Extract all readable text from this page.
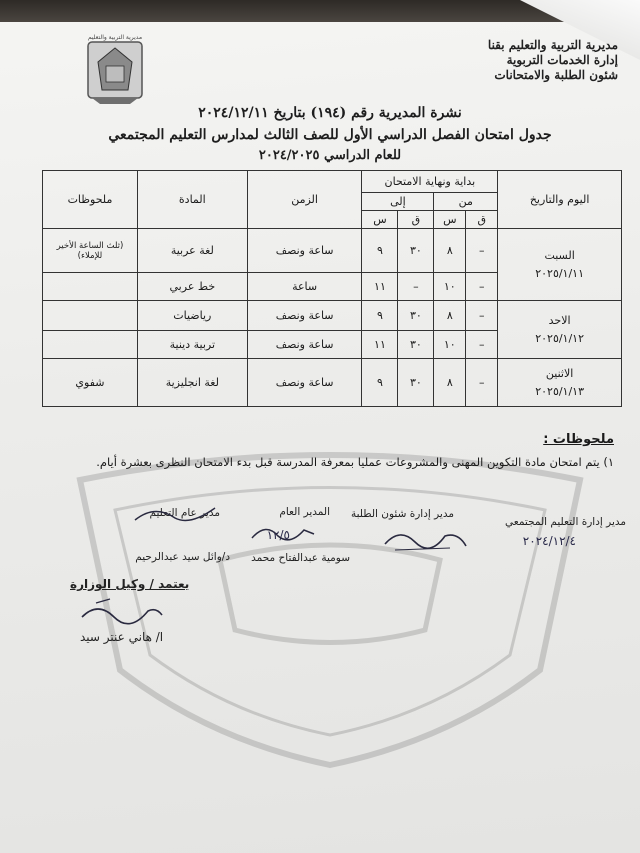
مديرية التربية والتعليم
مديرية التربية والتعليم بقنا
إدارة الخدمات التربوية
شئون الطلبة والامتحانات
نشرة المديرية رقم (١٩٤) بتاريخ ٢٠٢٤/١٢/١١
جدول امتحان الفصل الدراسي الأول للصف الثالث لمدارس التعليم المجتمعي
للعام الدراسي ٢٠٢٤/٢٠٢٥
اليوم والتاريخ	بداية ونهاية الامتحان				الزمن	المادة	ملحوظات
	من		إلى				
	ق	س	ق	س			

السبت
٢٠٢٥/١/١١	–	٨	٣٠	٩	ساعة ونصف	لغة عربية	(ثلث الساعة الأخير للإملاء)
	–	١٠	–	١١	ساعة	خط عربي	

الاحد
٢٠٢٥/١/١٢	–	٨	٣٠	٩	ساعة ونصف	رياضيات	
	–	١٠	٣٠	١١	ساعة ونصف	تربية دينية	

الاثنين
٢٠٢٥/١/١٣	–	٨	٣٠	٩	ساعة ونصف	لغة انجليزية	شفوي
ملحوظات :
١) يتم امتحان مادة التكوين المهنى والمشروعات عمليا بمعرفة المدرسة قبل بدء الامتحان النظرى بعشرة أيام.
مدير إدارة التعليم المجتمعي
مدير إدارة شئون الطلبة
المدير العام
سومية عبدالفتاح محمد
مدير عام التعليم
د/وائل سيد عبدالرحيم
يعتمد / وكيل الوزارة
ا/ هاني عنتر سيد
٢٠٢٤/١٢/٤
١٢/٥
